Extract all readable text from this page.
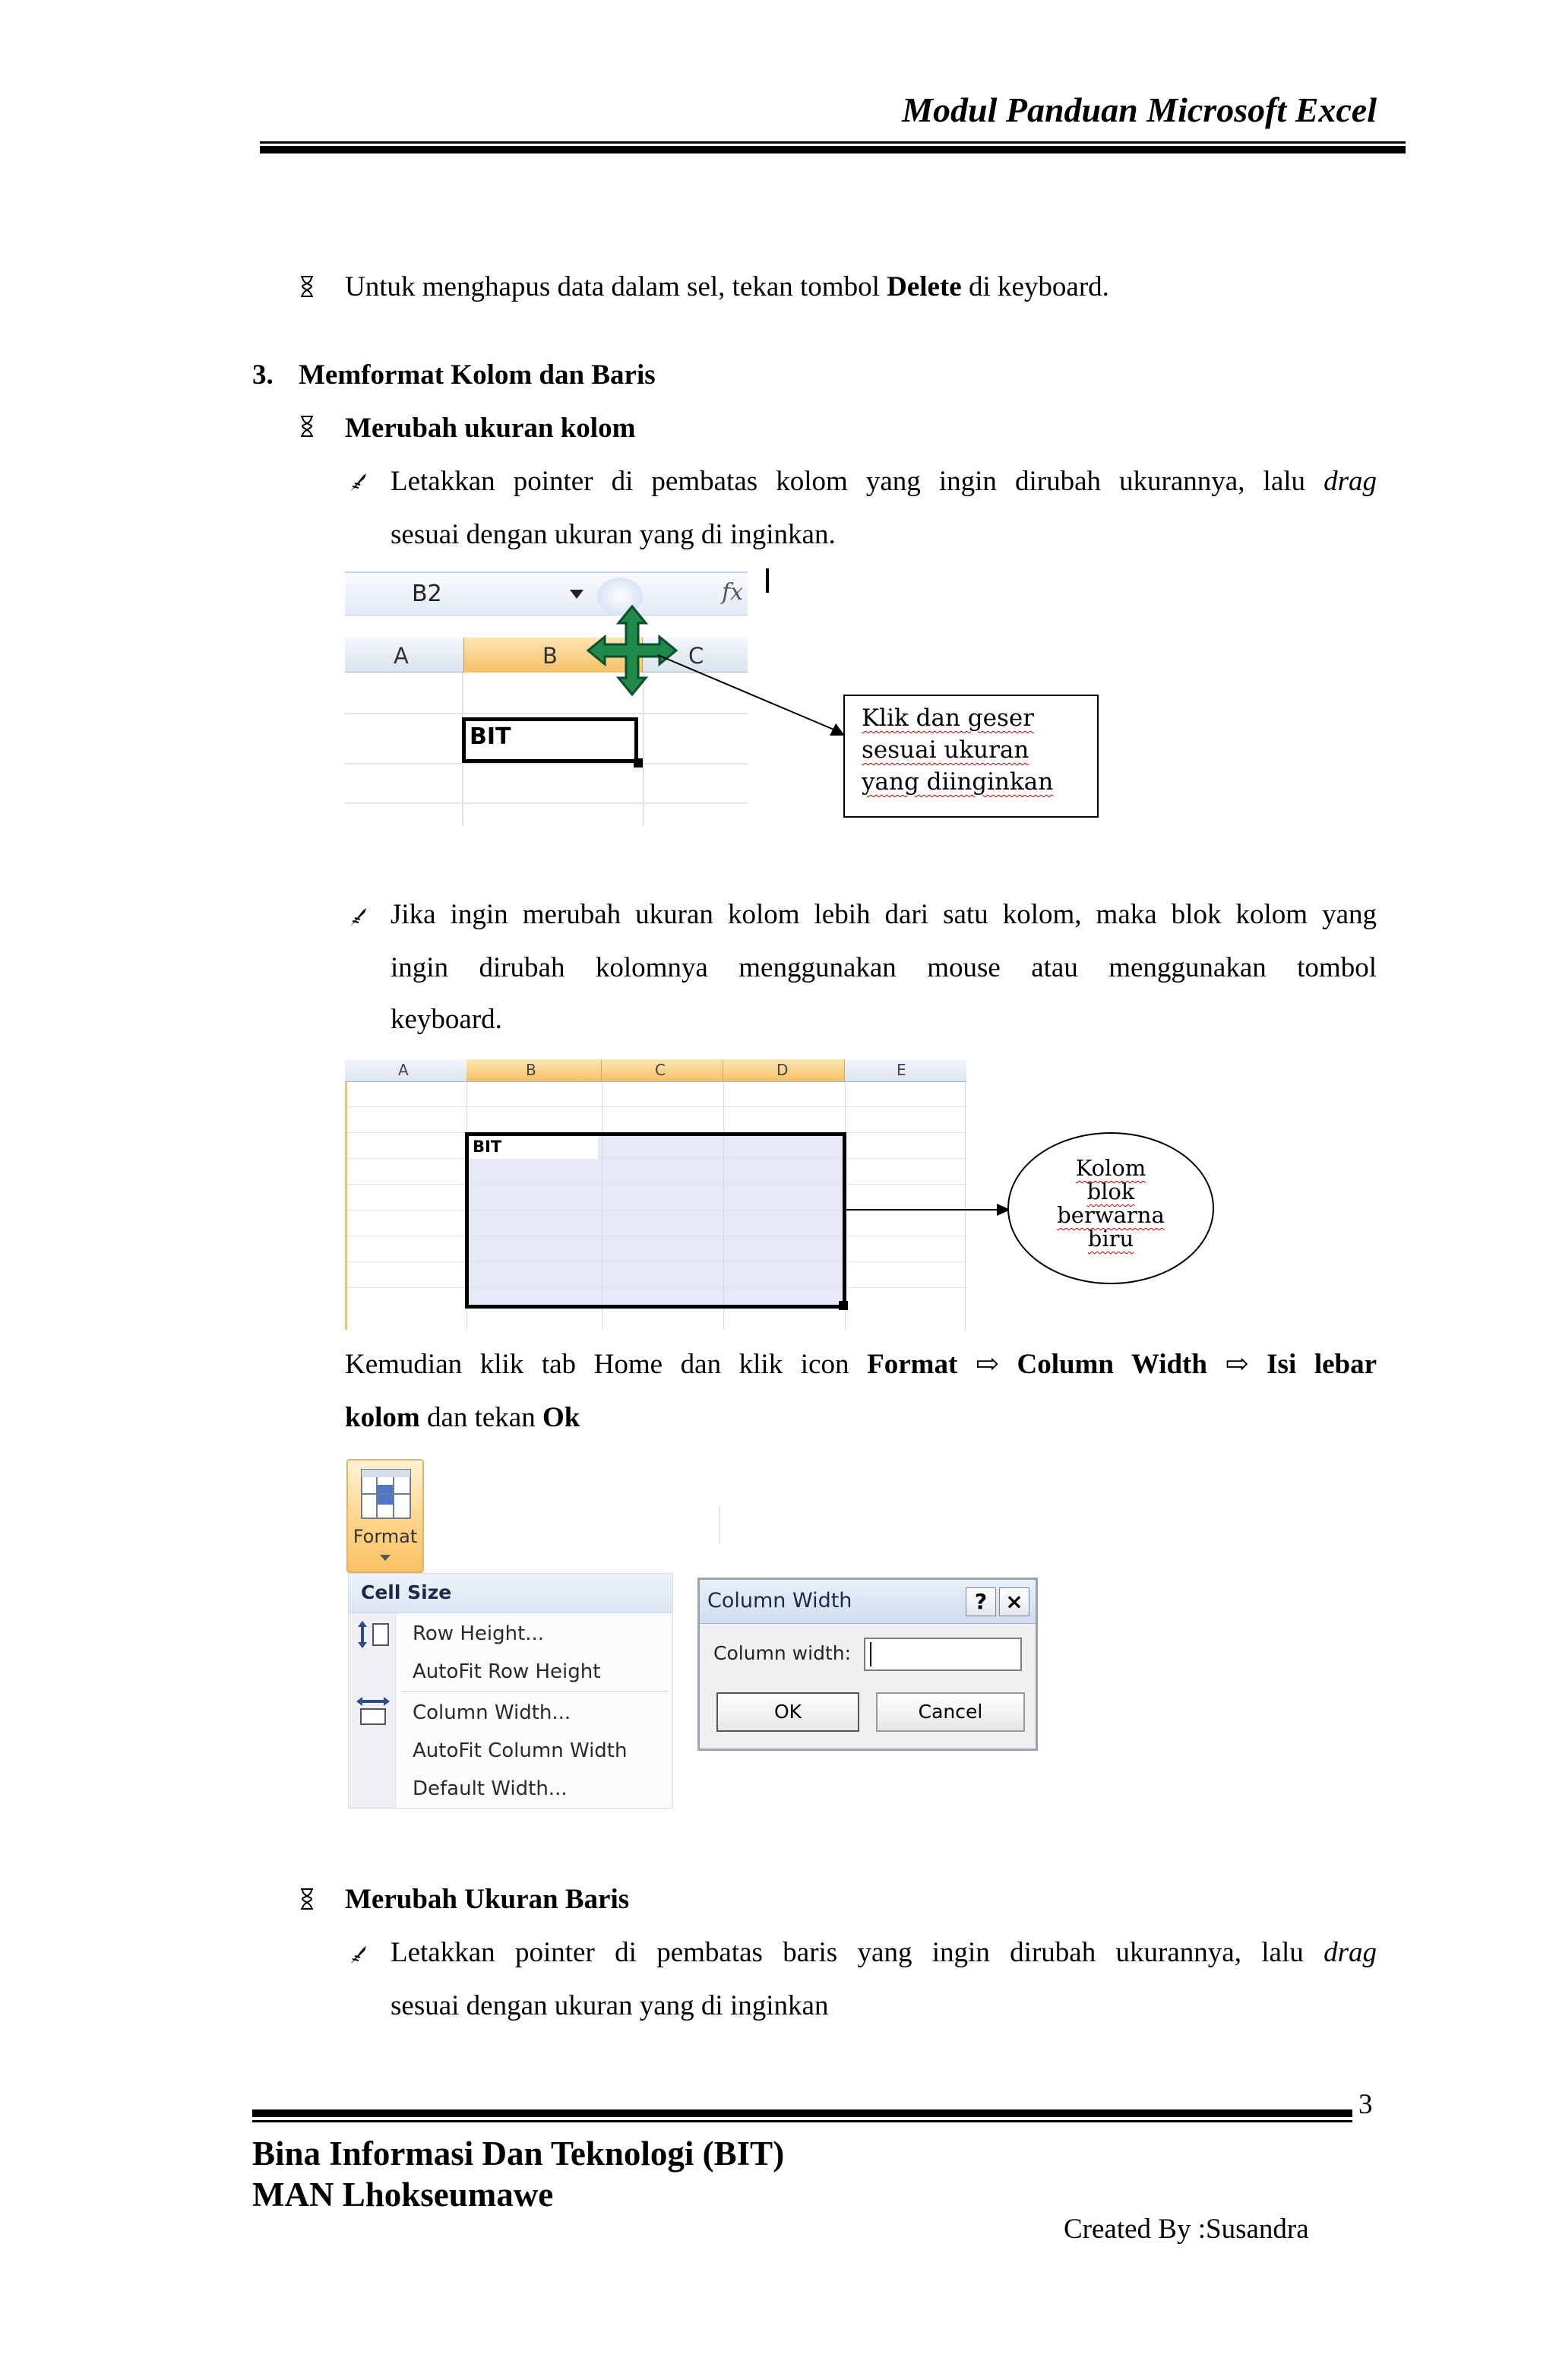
Modul Panduan Microsoft Excel
Untuk menghapus data dalam sel, tekan tombol Delete di keyboard.
3. Memformat Kolom dan Baris
Merubah ukuran kolom
Letakkan pointer di pembatas kolom yang ingin dirubah ukurannya, lalu drag
sesuai dengan ukuran yang di inginkan.
B2	fx
A	B	C
BIT
Klik dan geser
sesuai ukuran
yang diinginkan
Jika ingin merubah ukuran kolom lebih dari satu kolom, maka blok kolom yang
ingin dirubah kolomnya menggunakan mouse atau menggunakan tombol
keyboard.
A	B	C	D	E
BIT
Kolom
blok
berwarna
biru
Kemudian klik tab Home dan klik icon Format ⇨ Column Width ⇨ Isi lebar
kolom dan tekan Ok
Format
Cell Size
Row Height...
AutoFit Row Height
Column Width...
AutoFit Column Width
Default Width...
Column Width	? ×
Column width:
OK	Cancel
Merubah Ukuran Baris
Letakkan pointer di pembatas baris yang ingin dirubah ukurannya, lalu drag
sesuai dengan ukuran yang di inginkan
3
Bina Informasi Dan Teknologi (BIT)
MAN Lhokseumawe
Created By :Susandra
